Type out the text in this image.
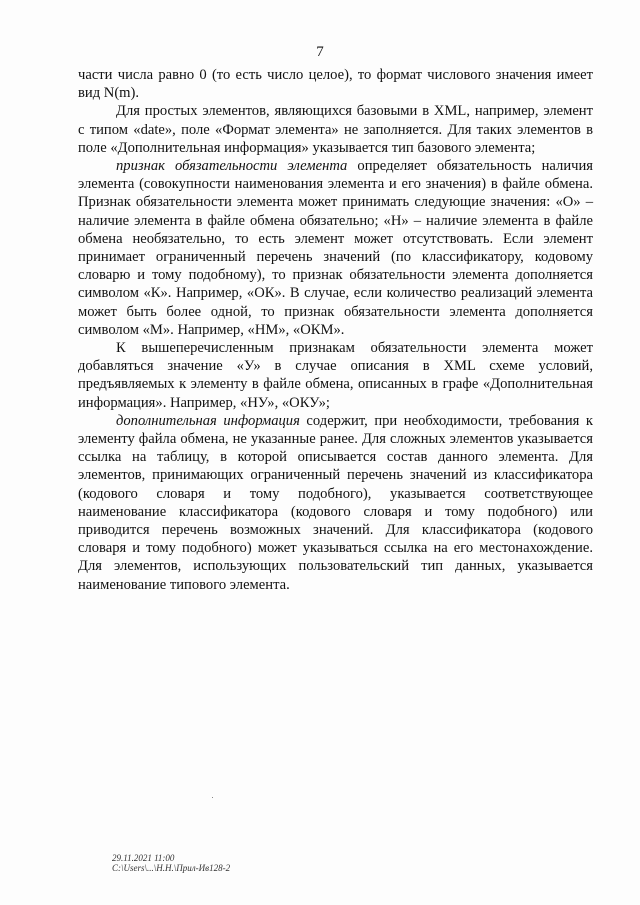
7

части числа равно 0 (то есть число целое), то формат числового значения имеет вид N(m).

Для простых элементов, являющихся базовыми в XML, например, элемент с типом «date», поле «Формат элемента» не заполняется. Для таких элементов в поле «Дополнительная информация» указывается тип базового элемента;

признак обязательности элемента определяет обязательность наличия элемента (совокупности наименования элемента и его значения) в файле обмена. Признак обязательности элемента может принимать следующие значения: «О» – наличие элемента в файле обмена обязательно; «Н» – наличие элемента в файле обмена необязательно, то есть элемент может отсутствовать. Если элемент принимает ограниченный перечень значений (по классификатору, кодовому словарю и тому подобному), то признак обязательности элемента дополняется символом «К». Например, «ОК». В случае, если количество реализаций элемента может быть более одной, то признак обязательности элемента дополняется символом «М». Например, «НМ», «ОКМ».

К вышеперечисленным признакам обязательности элемента может добавляться значение «У» в случае описания в XML схеме условий, предъявляемых к элементу в файле обмена, описанных в графе «Дополнительная информация». Например, «НУ», «ОКУ»;

дополнительная информация содержит, при необходимости, требования к элементу файла обмена, не указанные ранее. Для сложных элементов указывается ссылка на таблицу, в которой описывается состав данного элемента. Для элементов, принимающих ограниченный перечень значений из классификатора (кодового словаря и тому подобного), указывается соответствующее наименование классификатора (кодового словаря и тому подобного) или приводится перечень возможных значений. Для классификатора (кодового словаря и тому подобного) может указываться ссылка на его местонахождение. Для элементов, использующих пользовательский тип данных, указывается наименование типового элемента.

29.11.2021 11:00
C:\Users\...\Н.Н.\Прил-Ив128-2
